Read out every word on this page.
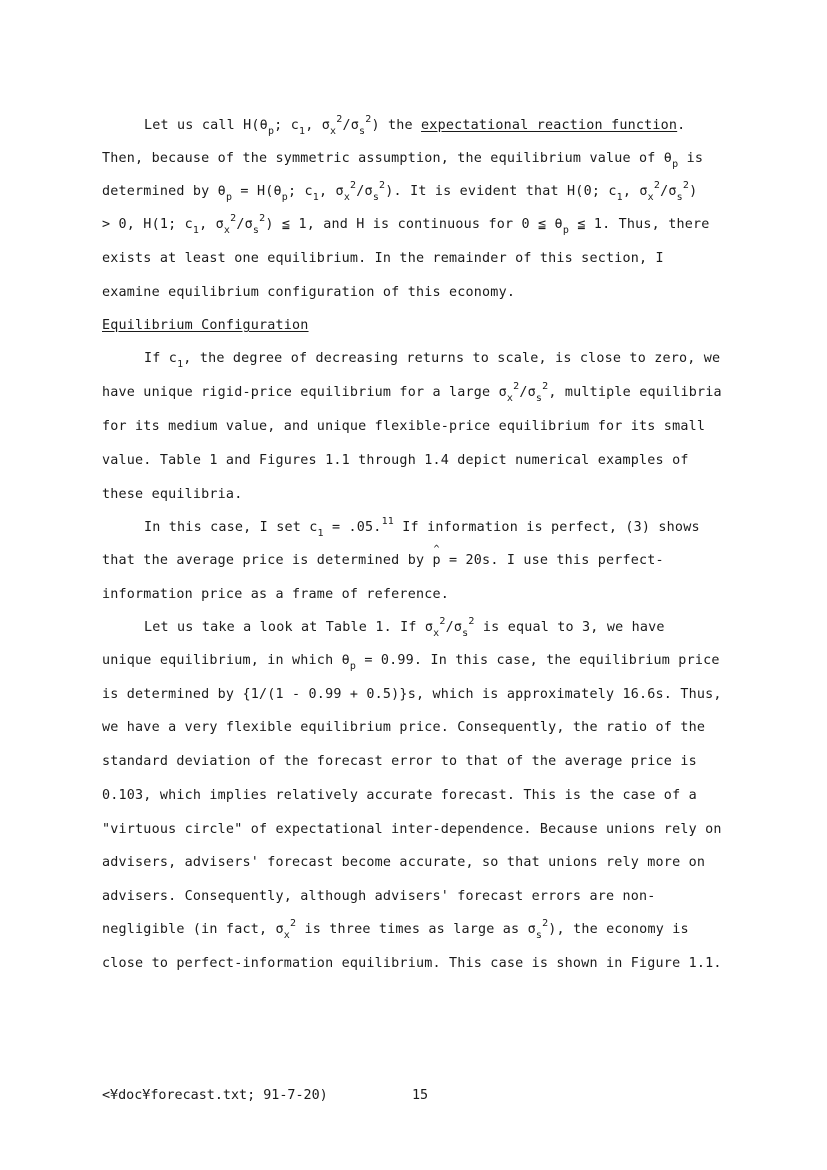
Let us call $H(\theta_p$; $c_1$, $\sigma_x^2/\sigma_s^2$) the expectational reaction function.
Then, because of the symmetric assumption, the equilibrium value of $\theta_p$ is
determined by $\theta_p = H(\theta_p$; $c_1$, $\sigma_x^2/\sigma_s^2$). It is evident that H(0; $c_1$, $\sigma_x^2/\sigma_s^2$)
> 0, H(1; $c_1$, $\sigma_x^2/\sigma_s^2$) ≦ 1, and H is continuous for 0 ≦ $\theta_p$ ≦ 1. Thus, there
exists at least one equilibrium. In the remainder of this section, I
examine equilibrium configuration of this economy.
Equilibrium Configuration
If $c_1$, the degree of decreasing returns to scale, is close to zero, we
have unique rigid-price equilibrium for a large $\sigma_x^2/\sigma_s^2$, multiple equilibria
for its medium value, and unique flexible-price equilibrium for its small
value. Table 1 and Figures 1.1 through 1.4 depict numerical examples of
these equilibria.
In this case, I set $c_1 = .05.11$ If information is perfect, (3) shows
that the average price is determined by ^ p = 20s. I use this perfect-
information price as a frame of reference.
Let us take a look at Table 1. If $\sigma_x^2/\sigma_s^2$ is equal to 3, we have
unique equilibrium, in which $\theta_p = 0.99$. In this case, the equilibrium price
is determined by {1/(1 - 0.99 + 0.5)}s, which is approximately 16.6s. Thus,
we have a very flexible equilibrium price. Consequently, the ratio of the
standard deviation of the forecast error to that of the average price is
0.103, which implies relatively accurate forecast. This is the case of a
"virtuous circle" of expectational inter-dependence. Because unions rely on
advisers, advisers' forecast become accurate, so that unions rely more on
advisers. Consequently, although advisers' forecast errors are non-
negligible (in fact, $\sigma_x^2$ is three times as large as $\sigma_s^2$), the economy is
close to perfect-information equilibrium. This case is shown in Figure 1.1.
<¥doc¥forecast.txt; 91-7-20)	15
